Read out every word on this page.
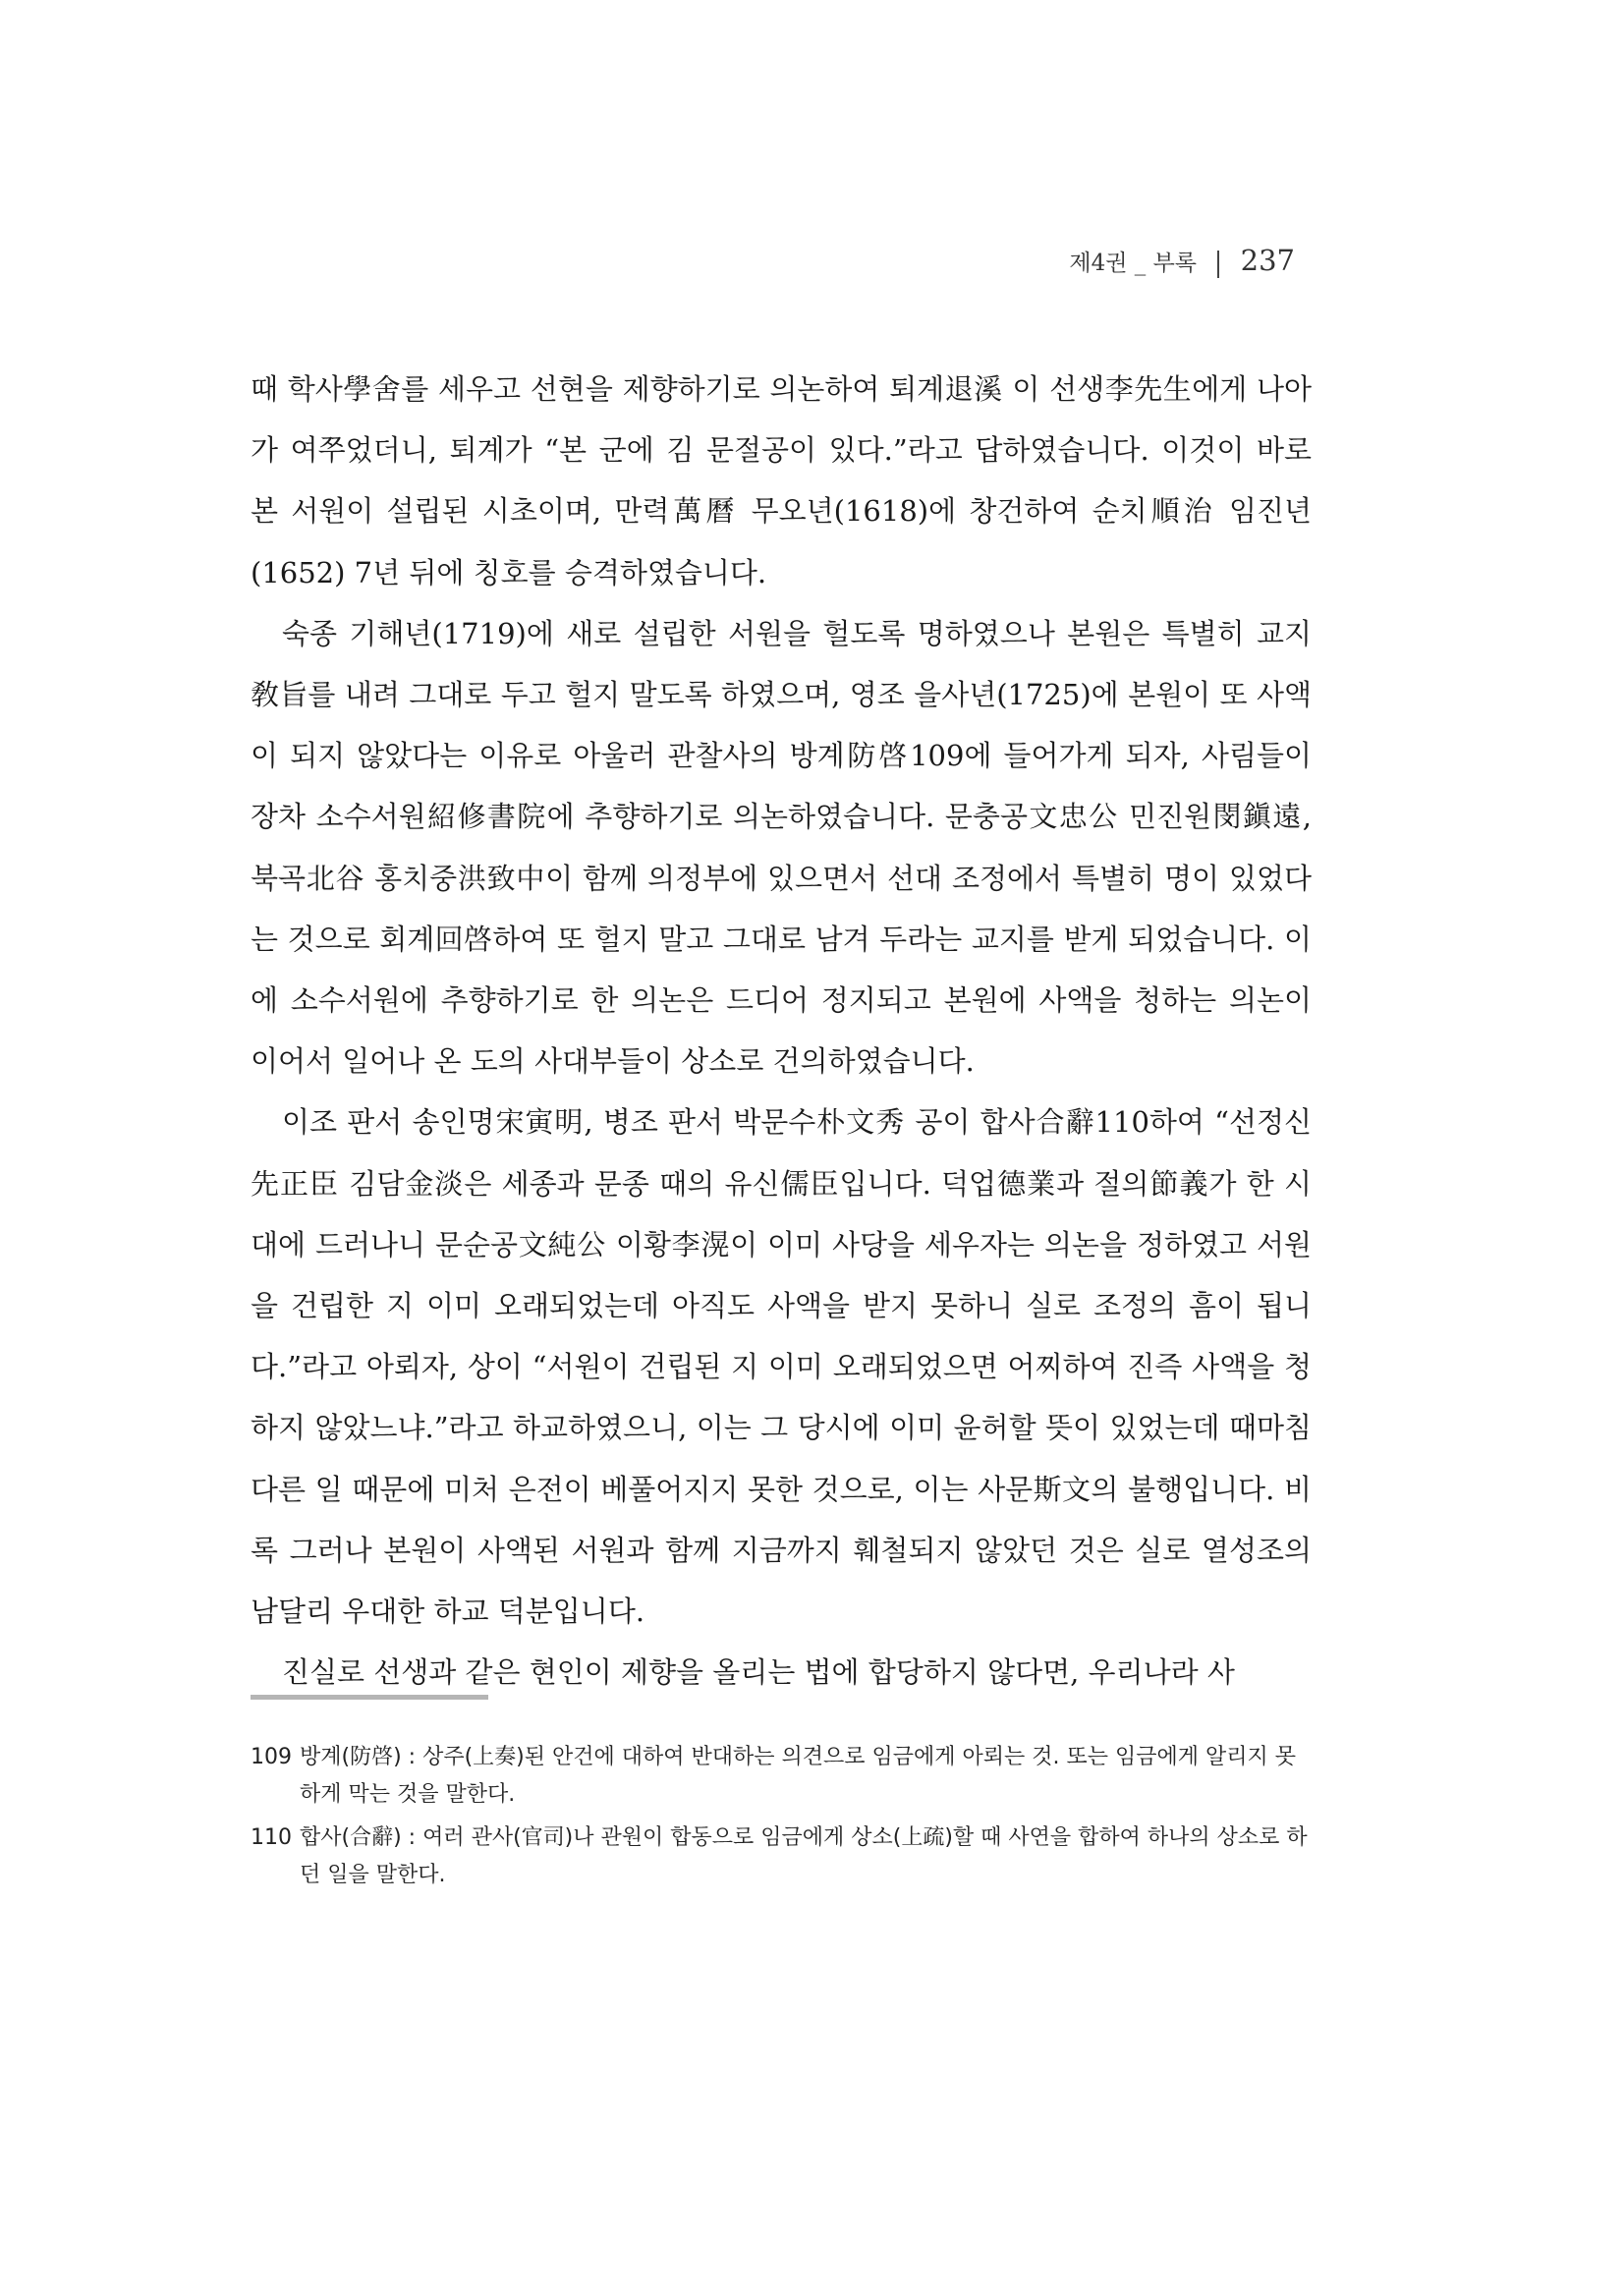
제4권 _ 부록 237

때 학사學舍를 세우고 선현을 제향하기로 의논하여 퇴계退溪 이 선생李先生에게 나아가 여쭈었더니, 퇴계가 “본 군에 김 문절공이 있다.”라고 답하였습니다. 이것이 바로 본 서원이 설립된 시초이며, 만력萬曆 무오년(1618)에 창건하여 순치順治 임진년(1652) 7년 뒤에 칭호를 승격하였습니다.

숙종 기해년(1719)에 새로 설립한 서원을 헐도록 명하였으나 본원은 특별히 교지敎旨를 내려 그대로 두고 헐지 말도록 하였으며, 영조 을사년(1725)에 본원이 또 사액이 되지 않았다는 이유로 아울러 관찰사의 방계防啓109에 들어가게 되자, 사림들이 장차 소수서원紹修書院에 추향하기로 의논하였습니다. 문충공文忠公 민진원閔鎭遠, 북곡北谷 홍치중洪致中이 함께 의정부에 있으면서 선대 조정에서 특별히 명이 있었다는 것으로 회계回啓하여 또 헐지 말고 그대로 남겨 두라는 교지를 받게 되었습니다. 이에 소수서원에 추향하기로 한 의논은 드디어 정지되고 본원에 사액을 청하는 의논이 이어서 일어나 온 도의 사대부들이 상소로 건의하였습니다.

이조 판서 송인명宋寅明, 병조 판서 박문수朴文秀 공이 합사合辭110하여 “선정신先正臣 김담金淡은 세종과 문종 때의 유신儒臣입니다. 덕업德業과 절의節義가 한 시대에 드러나니 문순공文純公 이황李滉이 이미 사당을 세우자는 의논을 정하였고 서원을 건립한 지 이미 오래되었는데 아직도 사액을 받지 못하니 실로 조정의 흠이 됩니다.”라고 아뢰자, 상이 “서원이 건립된 지 이미 오래되었으면 어찌하여 진즉 사액을 청하지 않았느냐.”라고 하교하였으니, 이는 그 당시에 이미 윤허할 뜻이 있었는데 때마침 다른 일 때문에 미처 은전이 베풀어지지 못한 것으로, 이는 사문斯文의 불행입니다. 비록 그러나 본원이 사액된 서원과 함께 지금까지 훼철되지 않았던 것은 실로 열성조의 남달리 우대한 하교 덕분입니다.

진실로 선생과 같은 현인이 제향을 올리는 법에 합당하지 않다면, 우리나라 사

109 방계(防啓) : 상주(上奏)된 안건에 대하여 반대하는 의견으로 임금에게 아뢰는 것. 또는 임금에게 알리지 못하게 막는 것을 말한다.
110 합사(合辭) : 여러 관사(官司)나 관원이 합동으로 임금에게 상소(上疏)할 때 사연을 합하여 하나의 상소로 하던 일을 말한다.
